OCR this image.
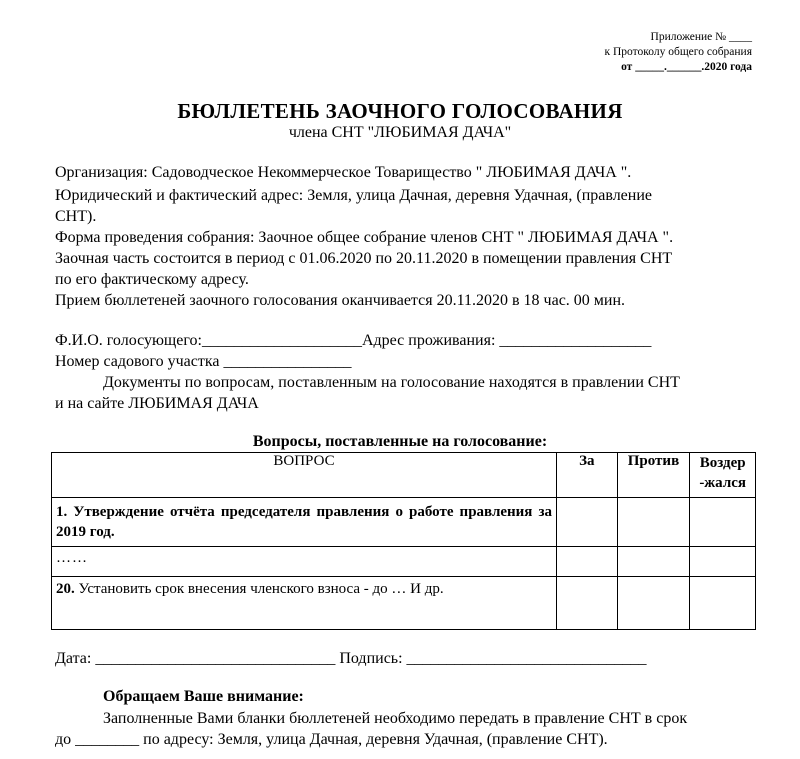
Приложение № ____
к Протоколу общего собрания
от _____.______.2020 года
БЮЛЛЕТЕНЬ ЗАОЧНОГО ГОЛОСОВАНИЯ
члена СНТ "ЛЮБИМАЯ ДАЧА"
Организация: Садоводческое Некоммерческое Товарищество " ЛЮБИМАЯ ДАЧА ".
Юридический и фактический адрес: Земля, улица Дачная, деревня Удачная, (правление
СНТ).
Форма проведения собрания: Заочное общее собрание членов СНТ " ЛЮБИМАЯ ДАЧА ".
Заочная часть состоится в период с 01.06.2020 по 20.11.2020 в помещении правления СНТ
по его фактическому адресу.
Прием бюллетеней заочного голосования оканчивается 20.11.2020 в 18 час. 00 мин.
Ф.И.О. голосующего:____________________Адрес проживания: ___________________
Номер садового участка ________________
Документы по вопросам, поставленным на голосование находятся в правлении СНТ
и на сайте ЛЮБИМАЯ ДАЧА
Вопросы, поставленные на голосование:
ВОПРОС	За	Против	Воздер -жался
1. Утверждение отчёта председателя правления о работе правления за 2019 год.			
……			
20. Установить срок внесения членского взноса - до … И др.			
Дата: ______________________________ Подпись: ______________________________
Обращаем Ваше внимание:
Заполненные Вами бланки бюллетеней необходимо передать в правление СНТ в срок
до ________ по адресу: Земля, улица Дачная, деревня Удачная, (правление СНТ).
